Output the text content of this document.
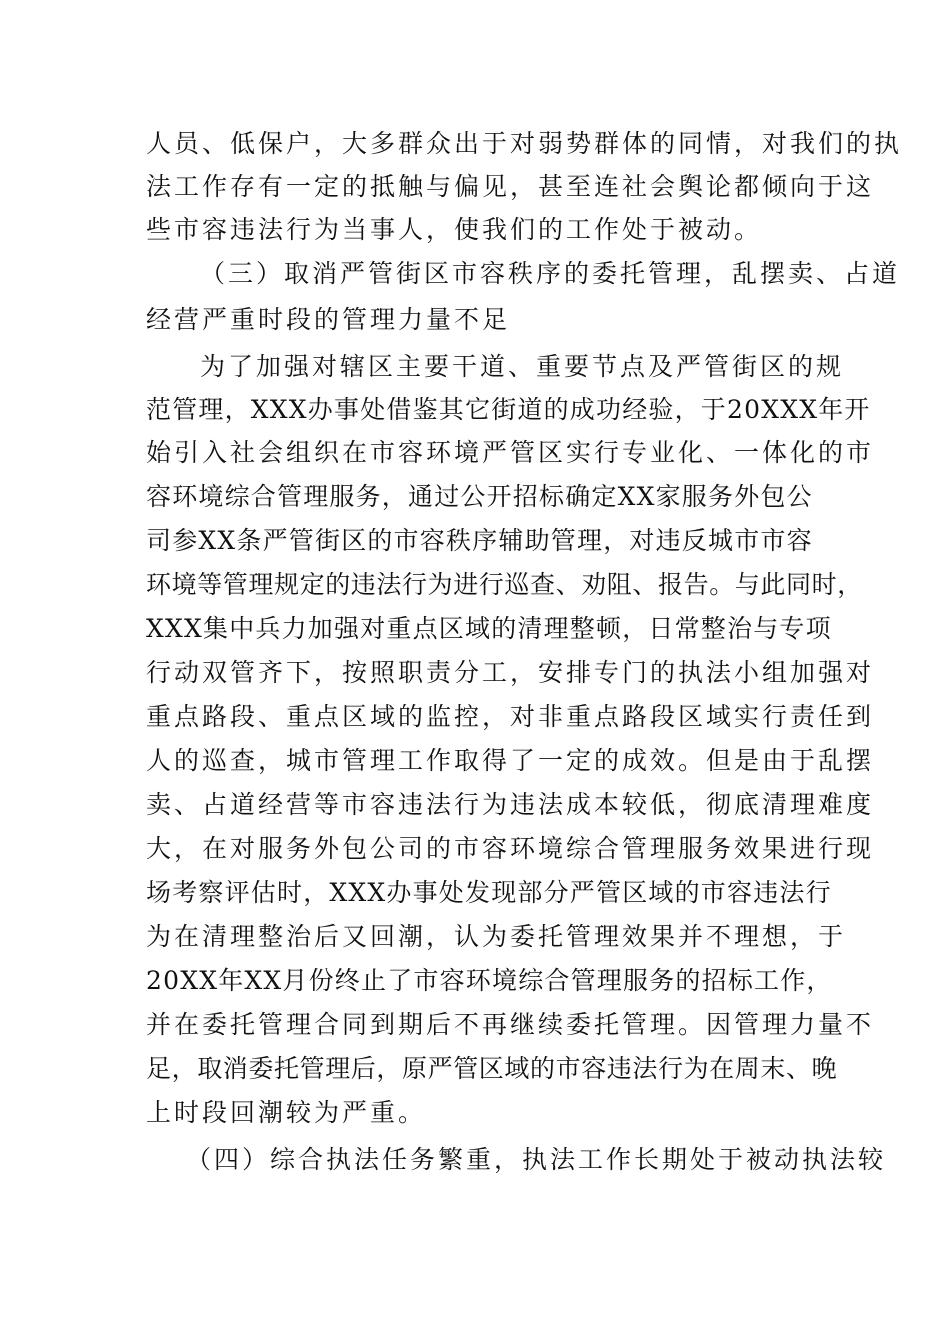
人员、低保户，大多群众出于对弱势群体的同情，对我们的执
法工作存有一定的抵触与偏见，甚至连社会舆论都倾向于这
些市容违法行为当事人，使我们的工作处于被动。
（三）取消严管街区市容秩序的委托管理，乱摆卖、占道
经营严重时段的管理力量不足
为了加强对辖区主要干道、重要节点及严管街区的规
范管理，XXX办事处借鉴其它街道的成功经验，于20XXX年开
始引入社会组织在市容环境严管区实行专业化、一体化的市
容环境综合管理服务，通过公开招标确定XX家服务外包公
司参XX条严管街区的市容秩序辅助管理，对违反城市市容
环境等管理规定的违法行为进行巡查、劝阻、报告。与此同时，
XXX集中兵力加强对重点区域的清理整顿，日常整治与专项
行动双管齐下，按照职责分工，安排专门的执法小组加强对
重点路段、重点区域的监控，对非重点路段区域实行责任到
人的巡查，城市管理工作取得了一定的成效。但是由于乱摆
卖、占道经营等市容违法行为违法成本较低，彻底清理难度
大，在对服务外包公司的市容环境综合管理服务效果进行现
场考察评估时，XXX办事处发现部分严管区域的市容违法行
为在清理整治后又回潮，认为委托管理效果并不理想，于
20XX年XX月份终止了市容环境综合管理服务的招标工作，
并在委托管理合同到期后不再继续委托管理。因管理力量不
足，取消委托管理后，原严管区域的市容违法行为在周末、晚
上时段回潮较为严重。
（四）综合执法任务繁重，执法工作长期处于被动执法较
